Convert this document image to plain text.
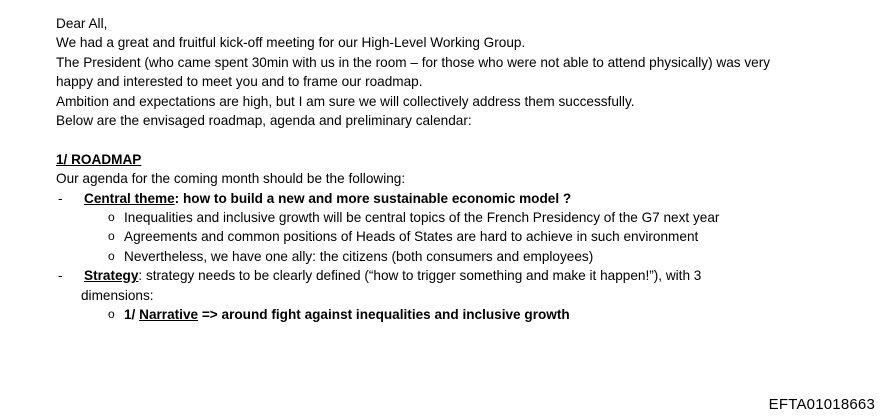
Dear All,
We had a great and fruitful kick-off meeting for our High-Level Working Group.
The President (who came spent 30min with us in the room – for those who were not able to attend physically) was very
happy and interested to meet you and to frame our roadmap.
Ambition and expectations are high, but I am sure we will collectively address them successfully.
Below are the envisaged roadmap, agenda and preliminary calendar:
1/ ROADMAP
Our agenda for the coming month should be the following:
- Central theme: how to build a new and more sustainable economic model ?
o Inequalities and inclusive growth will be central topics of the French Presidency of the G7 next year
o Agreements and common positions of Heads of States are hard to achieve in such environment
o Nevertheless, we have one ally: the citizens (both consumers and employees)
- Strategy: strategy needs to be clearly defined (“how to trigger something and make it happen!”), with 3
dimensions:
o 1/ Narrative => around fight against inequalities and inclusive growth
EFTA01018663
